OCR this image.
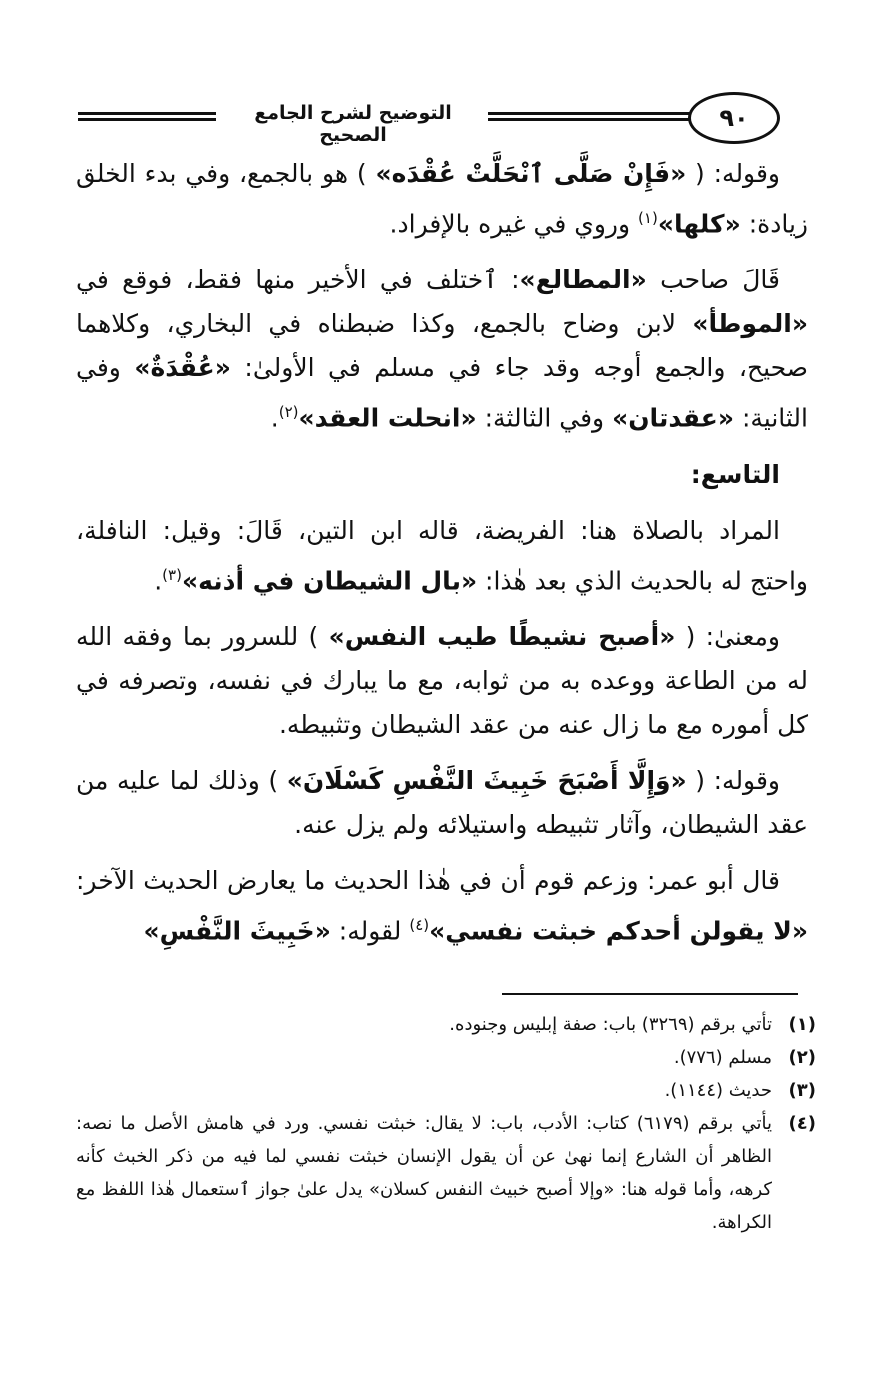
التوضيح لشرح الجامع الصحيح
٩٠

وقوله: ( «فَإِنْ صَلَّى ٱنْحَلَّتْ عُقْدَه» ) هو بالجمع، وفي بدء الخلق زيادة: «كلها»$^{(١)}$ وروي في غيره بالإفراد.

قَالَ صاحب «المطالع»: ٱختلف في الأخير منها فقط، فوقع في «الموطأ» لابن وضاح بالجمع، وكذا ضبطناه في البخاري، وكلاهما صحيح، والجمع أوجه وقد جاء في مسلم في الأولىٰ: «عُقْدَةٌ» وفي الثانية: «عقدتان» وفي الثالثة: «انحلت العقد»$^{(٢)}$.

التاسع:

المراد بالصلاة هنا: الفريضة، قاله ابن التين، قَالَ: وقيل: النافلة، واحتج له بالحديث الذي بعد هٰذا: «بال الشيطان في أذنه»$^{(٣)}$.

ومعنىٰ: ( «أصبح نشيطًا طيب النفس» ) للسرور بما وفقه الله له من الطاعة ووعده به من ثوابه، مع ما يبارك في نفسه، وتصرفه في كل أموره مع ما زال عنه من عقد الشيطان وتثبيطه.

وقوله: ( «وَإِلَّا أَصْبَحَ خَبِيثَ النَّفْسِ كَسْلَانَ» ) وذلك لما عليه من عقد الشيطان، وآثار تثبيطه واستيلائه ولم يزل عنه.

قال أبو عمر: وزعم قوم أن في هٰذا الحديث ما يعارض الحديث الآخر: «لا يقولن أحدكم خبثت نفسي»$^{(٤)}$ لقوله: «خَبِيثَ النَّفْسِ»

(١)
تأتي برقم (٣٢٦٩) باب: صفة إبليس وجنوده.
(٢)
مسلم (٧٧٦).
(٣)
حديث (١١٤٤).
(٤)
يأتي برقم (٦١٧٩) كتاب: الأدب، باب: لا يقال: خبثت نفسي. ورد في هامش الأصل ما نصه: الظاهر أن الشارع إنما نهىٰ عن أن يقول الإنسان خبثت نفسي لما فيه من ذكر الخبث كأنه كرهه، وأما قوله هنا: «وإلا أصبح خبيث النفس كسلان» يدل علىٰ جواز ٱستعمال هٰذا اللفظ مع الكراهة.
